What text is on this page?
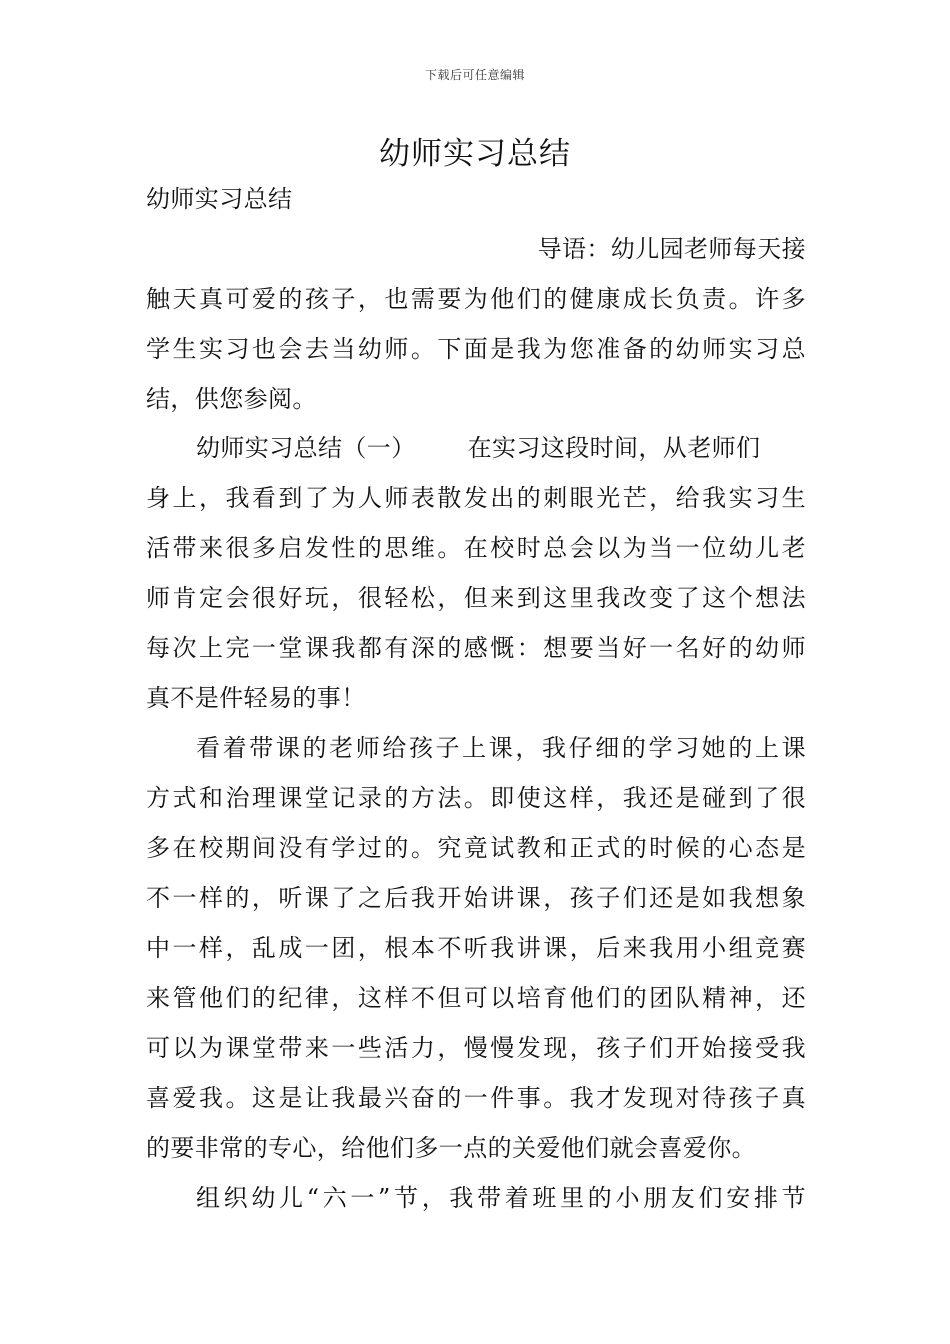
下载后可任意编辑
幼师实习总结
幼师实习总结
导语：幼儿园老师每天接
触天真可爱的孩子，也需要为他们的健康成长负责。许多
学生实习也会去当幼师。下面是我为您准备的幼师实习总
结，供您参阅。
幼师实习总结（一） 在实习这段时间，从老师们
身上，我看到了为人师表散发出的刺眼光芒，给我实习生
活带来很多启发性的思维。在校时总会以为当一位幼儿老
师肯定会很好玩，很轻松，但来到这里我改变了这个想法
每次上完一堂课我都有深的感慨：想要当好一名好的幼师
真不是件轻易的事！
看着带课的老师给孩子上课，我仔细的学习她的上课
方式和治理课堂记录的方法。即使这样，我还是碰到了很
多在校期间没有学过的。究竟试教和正式的时候的心态是
不一样的，听课了之后我开始讲课，孩子们还是如我想象
中一样，乱成一团，根本不听我讲课，后来我用小组竞赛
来管他们的纪律，这样不但可以培育他们的团队精神，还
可以为课堂带来一些活力，慢慢发现，孩子们开始接受我
喜爱我。这是让我最兴奋的一件事。我才发现对待孩子真
的要非常的专心，给他们多一点的关爱他们就会喜爱你。
组织幼儿“六一”节，我带着班里的小朋友们安排节
